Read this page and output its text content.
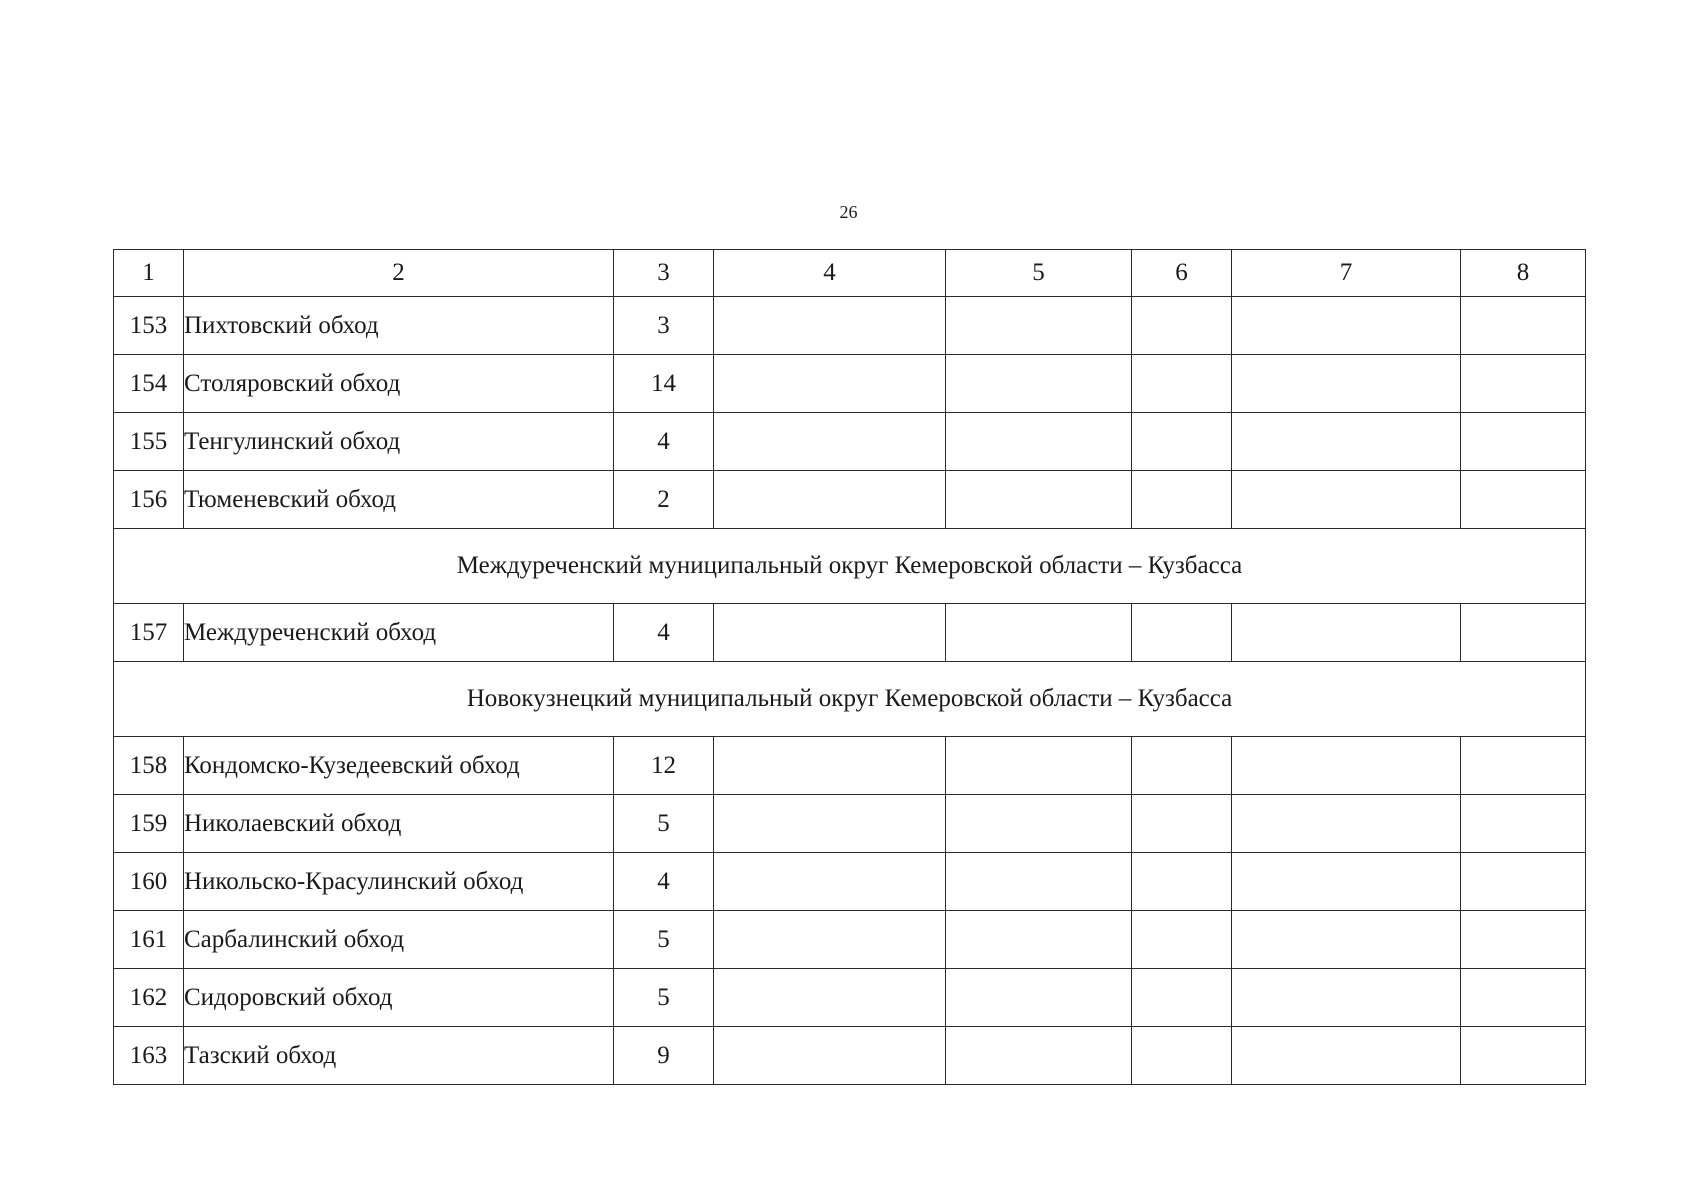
26
1	2	3	4	5	6	7	8
153	Пихтовский обход	3					
154	Столяровский обход	14					
155	Тенгулинский обход	4					
156	Тюменевский обход	2					
Междуреченский муниципальный округ Кемеровской области – Кузбасса							
157	Междуреченский обход	4					
Новокузнецкий муниципальный округ Кемеровской области – Кузбасса							
158	Кондомско-Кузедеевский обход	12					
159	Николаевский обход	5					
160	Никольско-Красулинский обход	4					
161	Сарбалинский обход	5					
162	Сидоровский обход	5					
163	Тазский обход	9					
